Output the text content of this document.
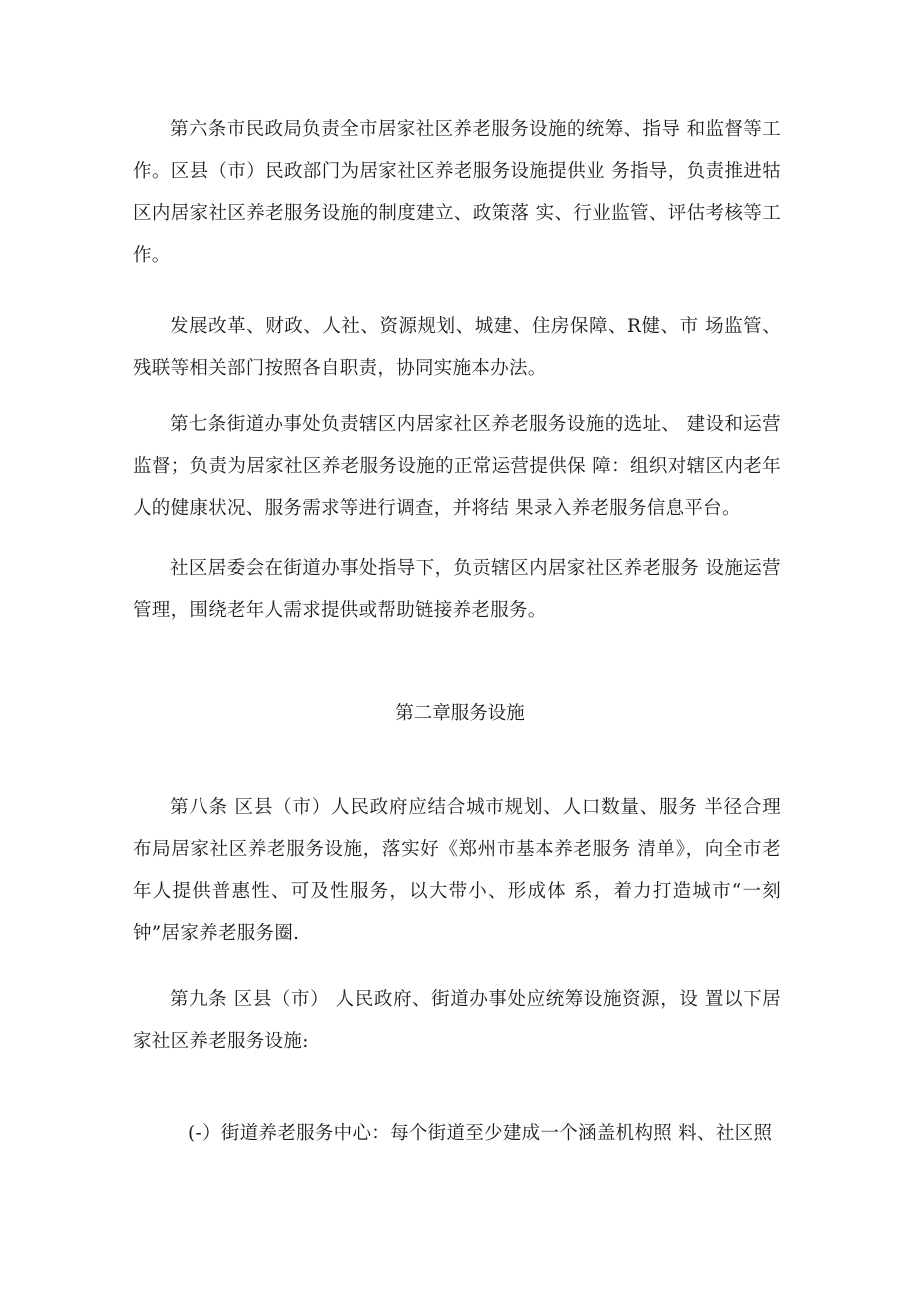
第六条市民政局负责全市居家社区养老服务设施的统筹、指导 和监督等工作。区县（市）民政部门为居家社区养老服务设施提供业 务指导，负责推进牯区内居家社区养老服务设施的制度建立、政策落 实、行业监管、评估考核等工作。

发展改革、财政、人社、资源规划、城建、住房保障、R健、市 场监管、残联等相关部门按照各自职责，协同实施本办法。

第七条街道办事处负责辖区内居家社区养老服务设施的选址、 建设和运营监督；负责为居家社区养老服务设施的正常运营提供保 障：组织对辖区内老年人的健康状况、服务需求等进行调查，并将结 果录入养老服务信息平台。

社区居委会在街道办事处指导下，负贡辖区内居家社区养老服务 设施运营管理，围绕老年人需求提供或帮助链接养老服务。

第二章服务设施

第八条 区县（市）人民政府应结合城市规划、人口数量、服务 半径合理布局居家社区养老服务设施，落实好《郑州市基本养老服务 清单》，向全市老年人提供普惠性、可及性服务，以大带小、形成体 系，着力打造城市“一刻钟”居家养老服务圈.

第九条 区县（市） 人民政府、街道办事处应统筹设施资源，设 置以下居家社区养老服务设施:

(-）街道养老服务中心：每个街道至少建成一个涵盖机构照 料、社区照
